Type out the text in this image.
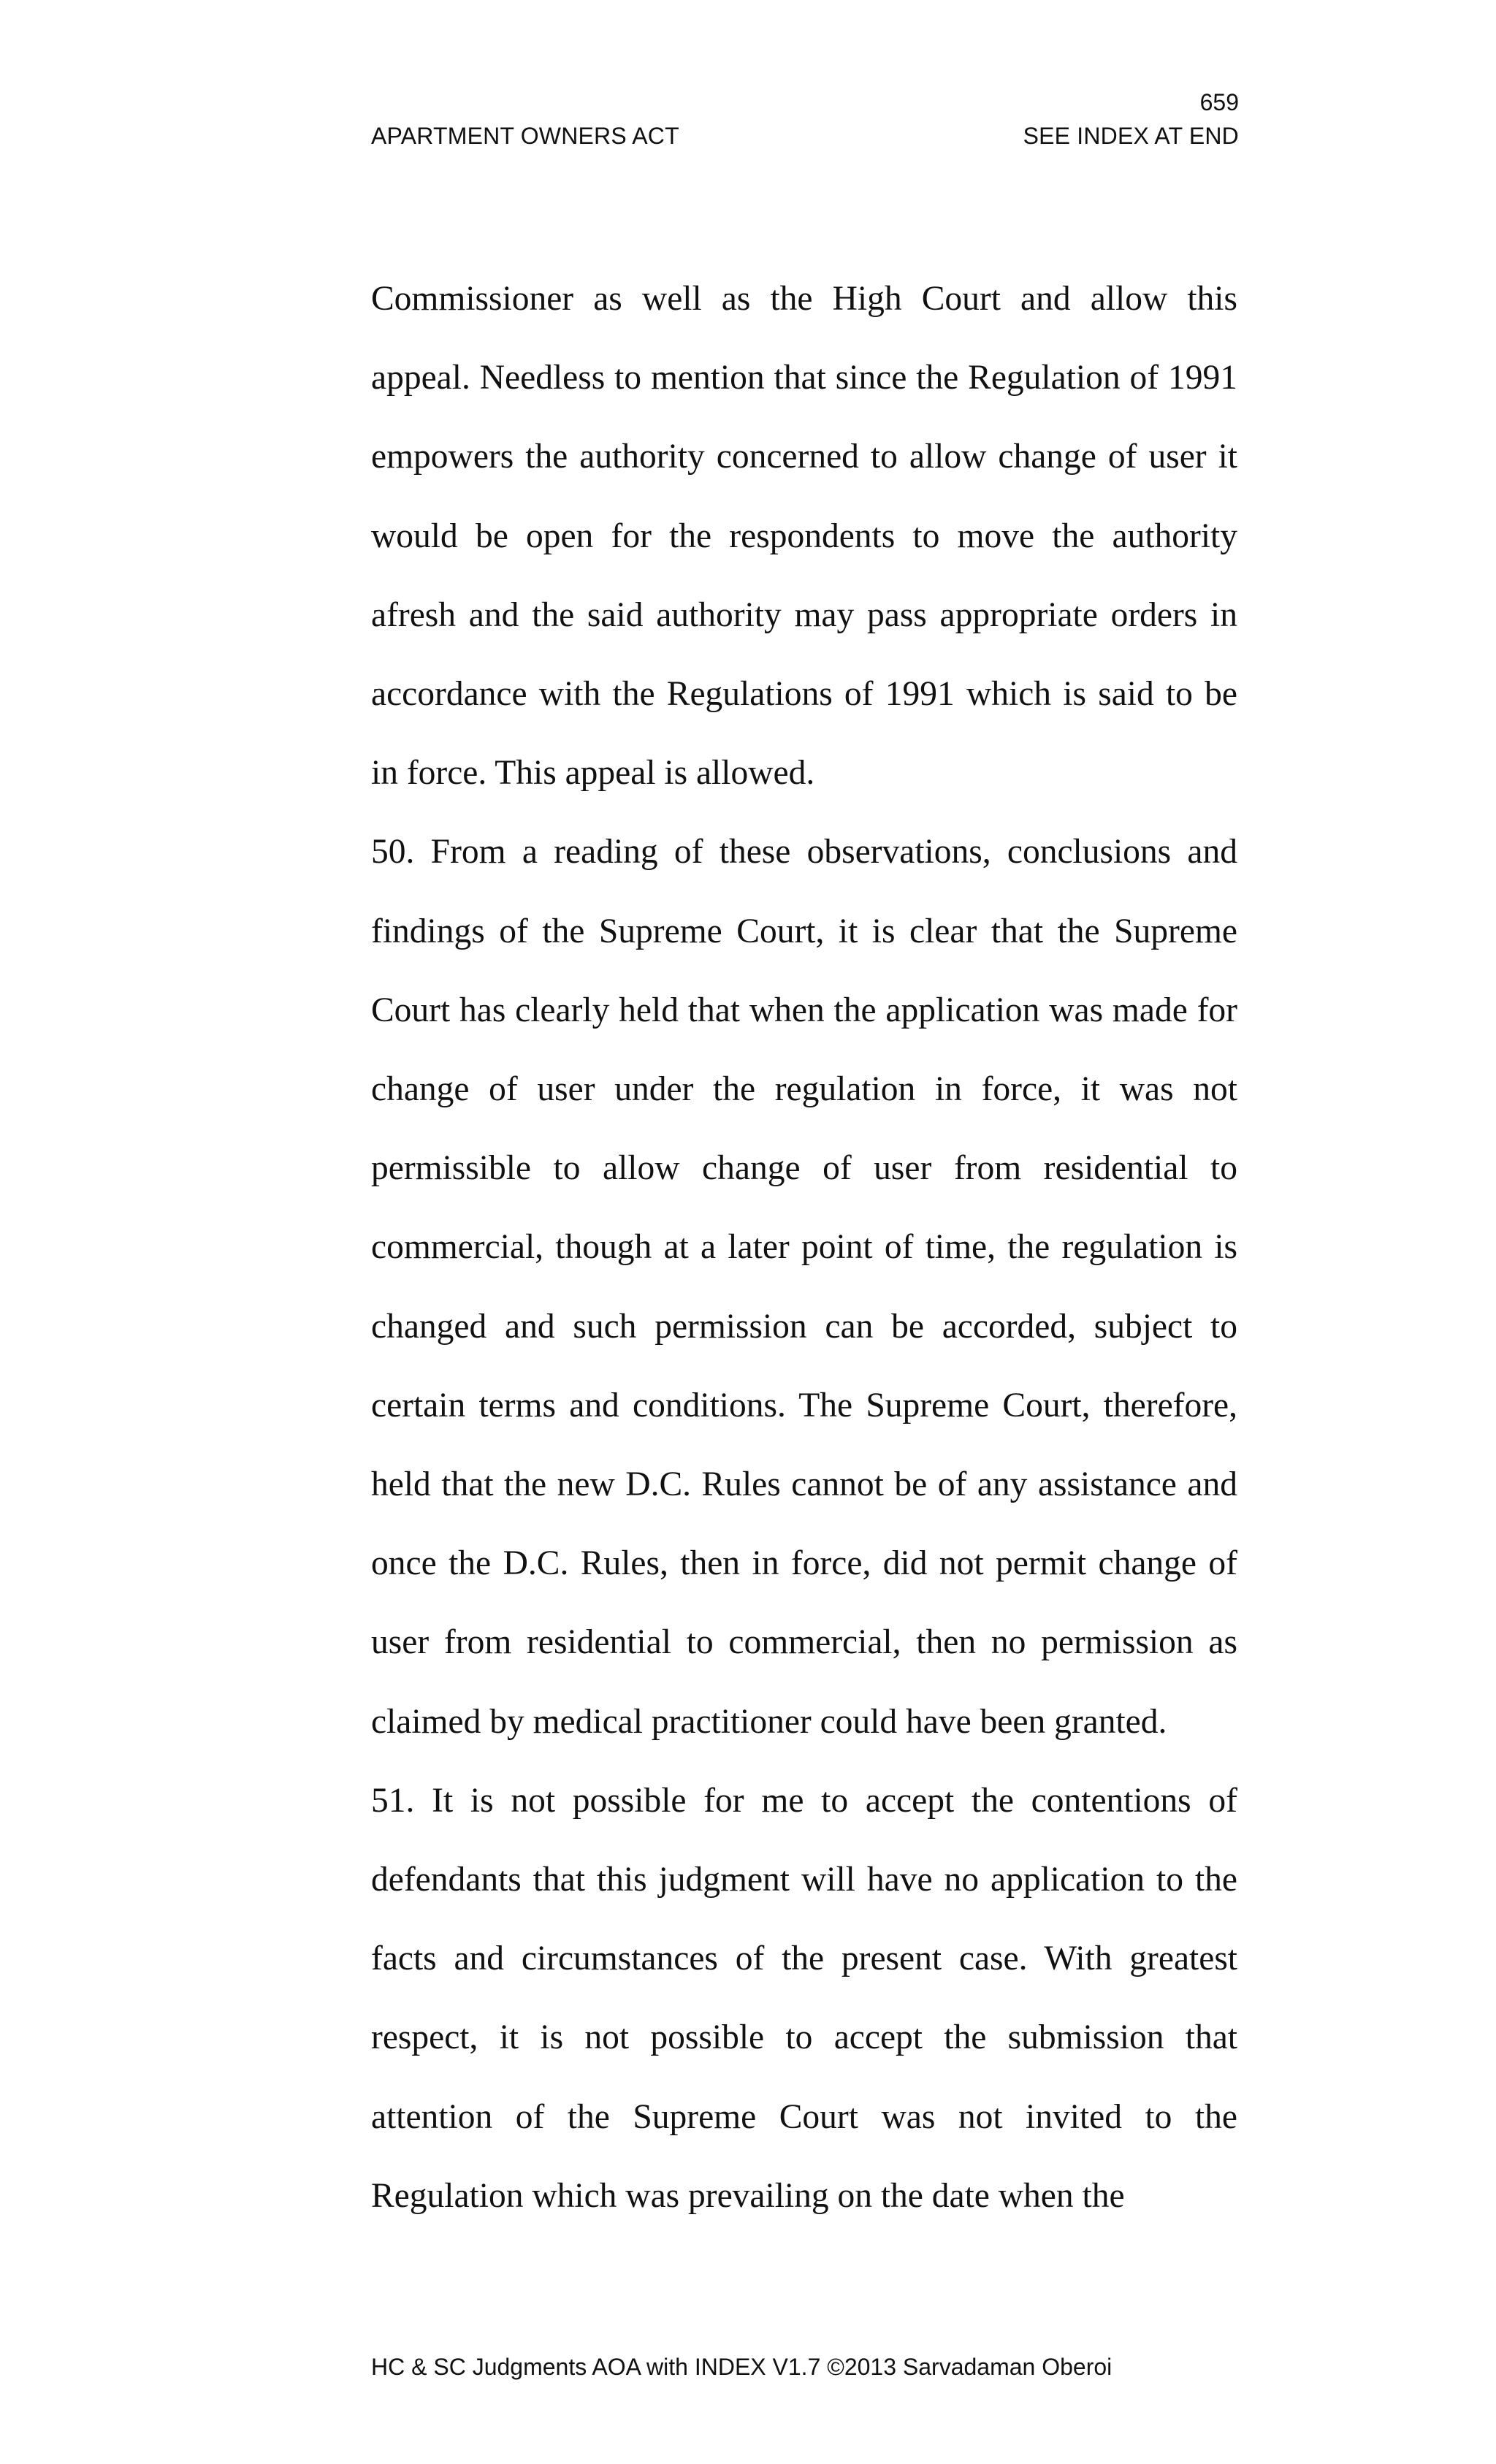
659
APARTMENT OWNERS ACT	SEE INDEX AT END

Commissioner as well as the High Court and allow this appeal. Needless to mention that since the Regulation of 1991 empowers the authority concerned to allow change of user it would be open for the respondents to move the authority afresh and the said authority may pass appropriate orders in accordance with the Regulations of 1991 which is said to be in force. This appeal is allowed.

50. From a reading of these observations, conclusions and findings of the Supreme Court, it is clear that the Supreme Court has clearly held that when the application was made for change of user under the regulation in force, it was not permissible to allow change of user from residential to commercial, though at a later point of time, the regulation is changed and such permission can be accorded, subject to certain terms and conditions. The Supreme Court, therefore, held that the new D.C. Rules cannot be of any assistance and once the D.C. Rules, then in force, did not permit change of user from residential to commercial, then no permission as claimed by medical practitioner could have been granted.

51. It is not possible for me to accept the contentions of defendants that this judgment will have no application to the facts and circumstances of the present case. With greatest respect, it is not possible to accept the submission that attention of the Supreme Court was not invited to the Regulation which was prevailing on the date when the

HC & SC Judgments AOA with INDEX V1.7 ©2013 Sarvadaman Oberoi
